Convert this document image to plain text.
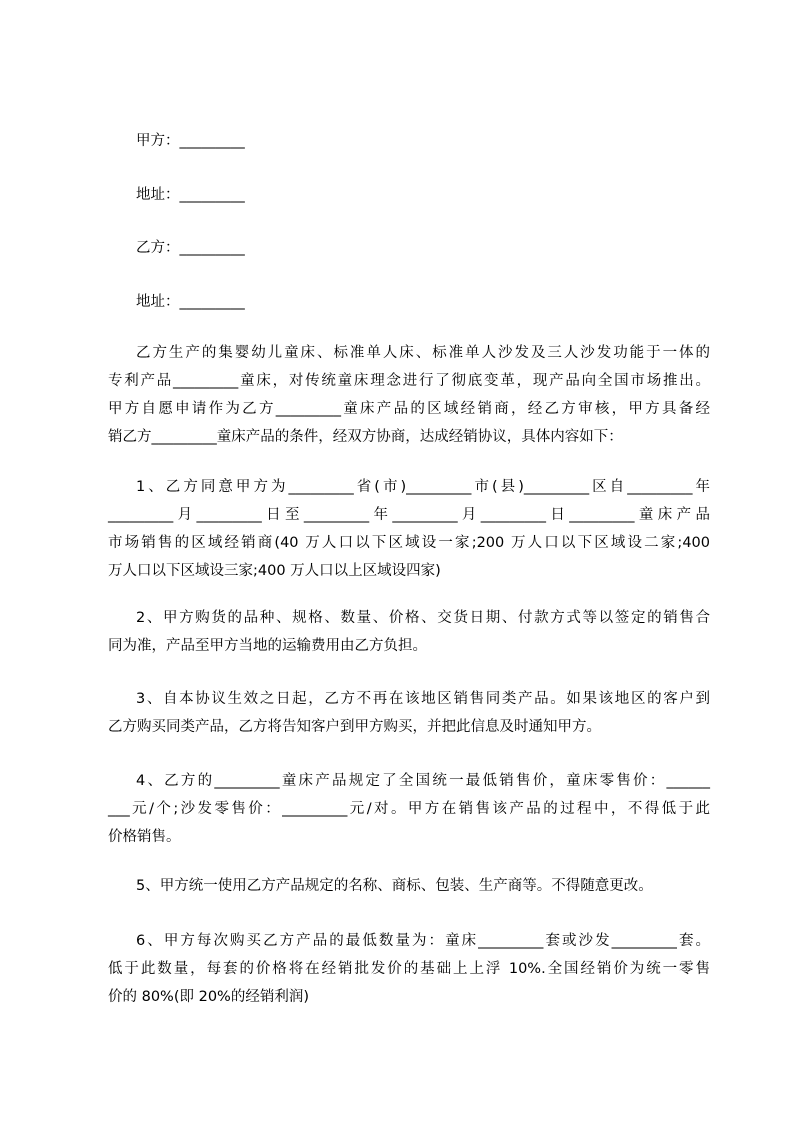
甲方：_________
地址：_________
乙方：_________
地址：_________
乙方生产的集婴幼儿童床、标准单人床、标准单人沙发及三人沙发功能于一体的
专利产品_________童床，对传统童床理念进行了彻底变革，现产品向全国市场推出。
甲方自愿申请作为乙方_________童床产品的区域经销商，经乙方审核，甲方具备经
销乙方_________童床产品的条件，经双方协商，达成经销协议，具体内容如下：
1、乙方同意甲方为_________省(市)_________市(县)_________区自_________年
_________月_________日至_________年_________月_________日_________童床产品
市场销售的区域经销商(40 万人口以下区域设一家;200 万人口以下区域设二家;400
万人口以下区域设三家;400 万人口以上区域设四家)
2、甲方购货的品种、规格、数量、价格、交货日期、付款方式等以签定的销售合
同为准，产品至甲方当地的运输费用由乙方负担。
3、自本协议生效之日起，乙方不再在该地区销售同类产品。如果该地区的客户到
乙方购买同类产品，乙方将告知客户到甲方购买，并把此信息及时通知甲方。
4、乙方的_________童床产品规定了全国统一最低销售价，童床零售价：______
___元/个;沙发零售价：_________元/对。甲方在销售该产品的过程中，不得低于此
价格销售。
5、甲方统一使用乙方产品规定的名称、商标、包装、生产商等。不得随意更改。
6、甲方每次购买乙方产品的最低数量为：童床_________套或沙发_________套。
低于此数量，每套的价格将在经销批发价的基础上上浮 10%.全国经销价为统一零售
价的 80%(即 20%的经销利润)
